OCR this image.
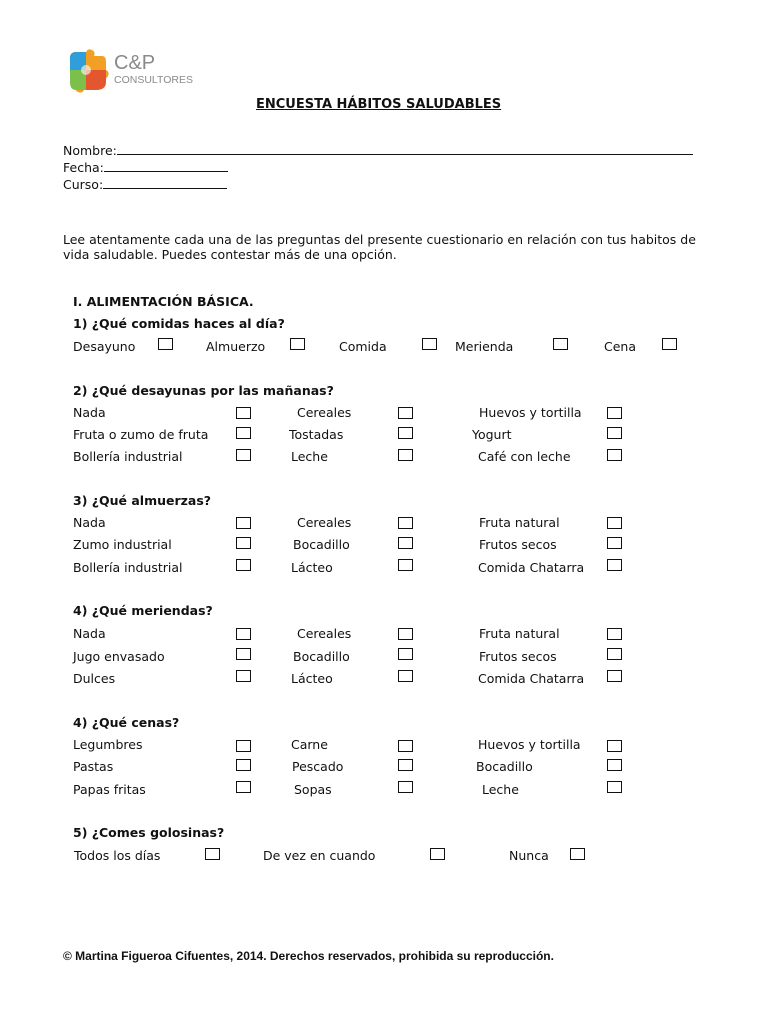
C&P
CONSULTORES
ENCUESTA HÁBITOS SALUDABLES
Nombre:
Fecha:
Curso:
Lee atentamente cada una de las preguntas del presente cuestionario en relación con tus habitos de
vida saludable. Puedes contestar más de una opción.
I. ALIMENTACIÓN BÁSICA.
1) ¿Qué comidas haces al día?
Desayuno	Almuerzo	Comida	Merienda	Cena
2) ¿Qué desayunas por las mañanas?
Nada	Cereales	Huevos y tortilla
Fruta o zumo de fruta	Tostadas	Yogurt
Bollería industrial	Leche	Café con leche
3) ¿Qué almuerzas?
Nada	Cereales	Fruta natural
Zumo industrial	Bocadillo	Frutos secos
Bollería industrial	Lácteo	Comida Chatarra
4) ¿Qué meriendas?
Nada	Cereales	Fruta natural
Jugo envasado	Bocadillo	Frutos secos
Dulces	Lácteo	Comida Chatarra
4) ¿Qué cenas?
Legumbres	Carne	Huevos y tortilla
Pastas	Pescado	Bocadillo
Papas fritas	Sopas	Leche
5) ¿Comes golosinas?
Todos los días	De vez en cuando	Nunca
© Martina Figueroa Cifuentes, 2014. Derechos reservados, prohibida su reproducción.
